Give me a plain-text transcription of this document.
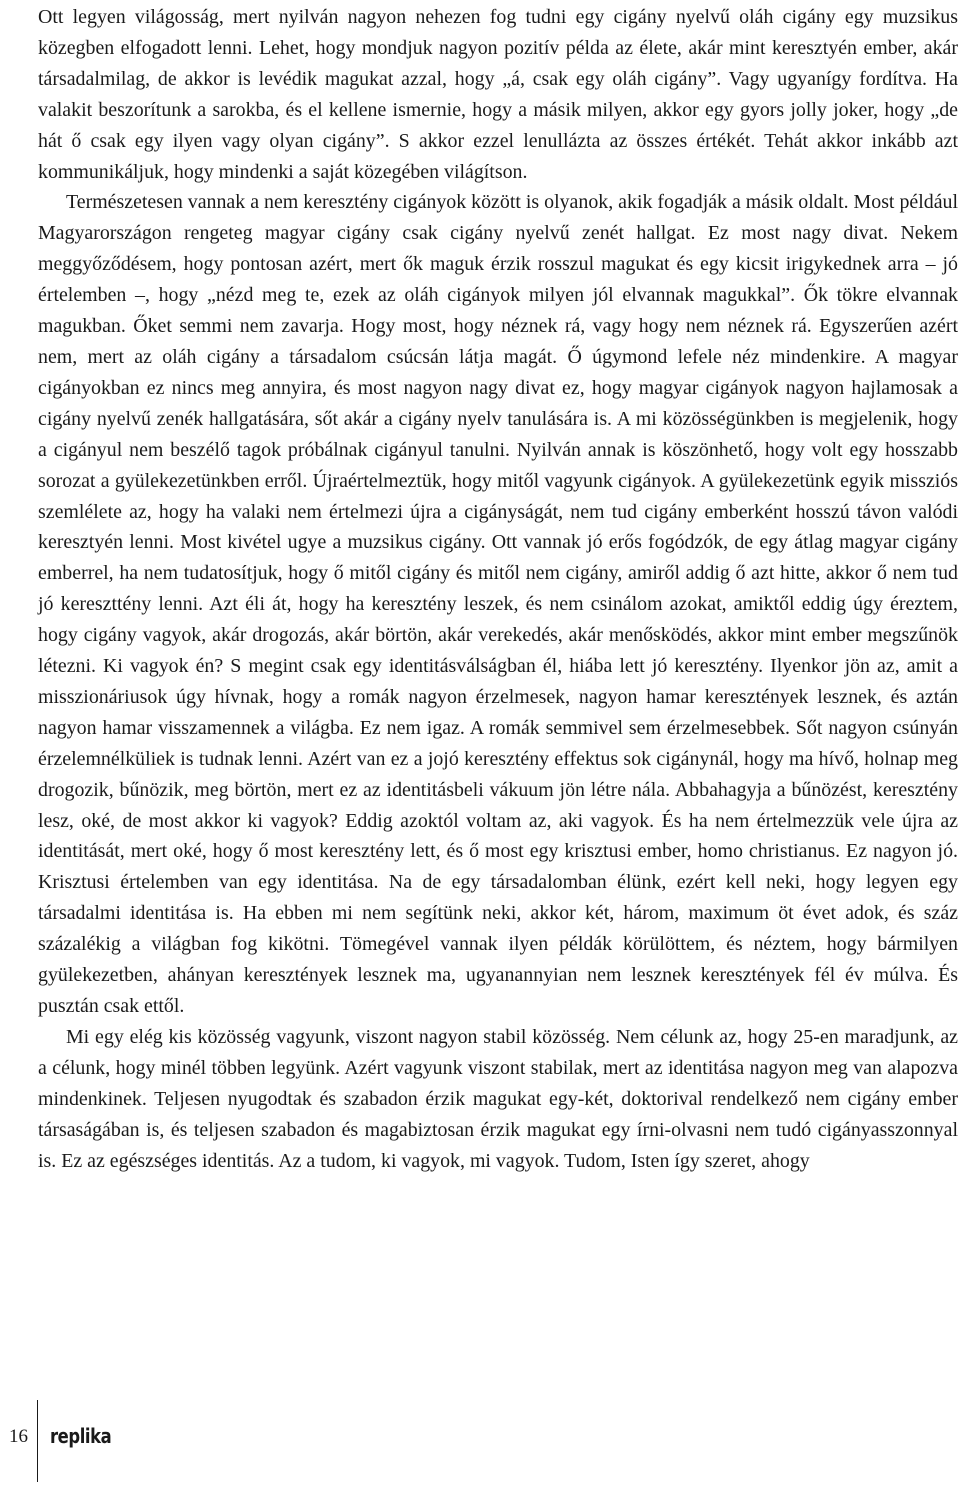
Ott legyen világosság, mert nyilván nagyon nehezen fog tudni egy cigány nyelvű oláh cigány egy muzsikus közegben elfogadott lenni. Lehet, hogy mondjuk nagyon pozitív példa az élete, akár mint keresztyén ember, akár társadalmilag, de akkor is levédik magukat azzal, hogy „á, csak egy oláh cigány”. Vagy ugyanígy fordítva. Ha valakit beszorítunk a sarokba, és el kellene ismernie, hogy a másik milyen, akkor egy gyors jolly joker, hogy „de hát ő csak egy ilyen vagy olyan cigány”. S akkor ezzel lenullázta az összes értékét. Tehát akkor inkább azt kommunikáljuk, hogy mindenki a saját közegében világítson.

Természetesen vannak a nem keresztény cigányok között is olyanok, akik fogadják a másik oldalt. Most például Magyarországon rengeteg magyar cigány csak cigány nyelvű zenét hallgat. Ez most nagy divat. Nekem meggyőződésem, hogy pontosan azért, mert ők maguk érzik rosszul magukat és egy kicsit irigykednek arra – jó értelemben –, hogy „nézd meg te, ezek az oláh cigányok milyen jól elvannak magukkal”. Ők tökre elvannak magukban. Őket semmi nem zavarja. Hogy most, hogy néznek rá, vagy hogy nem néznek rá. Egyszerűen azért nem, mert az oláh cigány a társadalom csúcsán látja magát. Ő úgymond lefele néz mindenkire. A magyar cigányokban ez nincs meg annyira, és most nagyon nagy divat ez, hogy magyar cigányok nagyon hajlamosak a cigány nyelvű zenék hallgatására, sőt akár a cigány nyelv tanulására is. A mi közösségünkben is megjelenik, hogy a cigányul nem beszélő tagok próbálnak cigányul tanulni. Nyilván annak is köszönhető, hogy volt egy hosszabb sorozat a gyülekezetünkben erről. Újraértelmeztük, hogy mitől vagyunk cigányok. A gyülekezetünk egyik missziós szemlélete az, hogy ha valaki nem értelmezi újra a cigányságát, nem tud cigány emberként hosszú távon valódi keresztyén lenni. Most kivétel ugye a muzsikus cigány. Ott vannak jó erős fogódzók, de egy átlag magyar cigány emberrel, ha nem tudatosítjuk, hogy ő mitől cigány és mitől nem cigány, amiről addig ő azt hitte, akkor ő nem tud jó kereszttény lenni. Azt éli át, hogy ha keresztény leszek, és nem csinálom azokat, amiktől eddig úgy éreztem, hogy cigány vagyok, akár drogozás, akár börtön, akár verekedés, akár menősködés, akkor mint ember megszűnök létezni. Ki vagyok én? S megint csak egy identitásválságban él, hiába lett jó keresztény. Ilyenkor jön az, amit a misszionáriusok úgy hívnak, hogy a romák nagyon érzelmesek, nagyon hamar keresztények lesznek, és aztán nagyon hamar visszamennek a világba. Ez nem igaz. A romák semmivel sem érzelmesebbek. Sőt nagyon csúnyán érzelemnélküliek is tudnak lenni. Azért van ez a jojó keresztény effektus sok cigánynál, hogy ma hívő, holnap meg drogozik, bűnözik, meg börtön, mert ez az identitásbeli vákuum jön létre nála. Abbahagyja a bűnözést, keresztény lesz, oké, de most akkor ki vagyok? Eddig azoktól voltam az, aki vagyok. És ha nem értelmezzük vele újra az identitását, mert oké, hogy ő most keresztény lett, és ő most egy krisztusi ember, homo christianus. Ez nagyon jó. Krisztusi értelemben van egy identitása. Na de egy társadalomban élünk, ezért kell neki, hogy legyen egy társadalmi identitása is. Ha ebben mi nem segítünk neki, akkor két, három, maximum öt évet adok, és száz százalékig a világban fog kikötni. Tömegével vannak ilyen példák körülöttem, és néztem, hogy bármilyen gyülekezetben, ahányan keresztények lesznek ma, ugyanannyian nem lesznek keresztények fél év múlva. És pusztán csak ettől.

Mi egy elég kis közösség vagyunk, viszont nagyon stabil közösség. Nem célunk az, hogy 25-en maradjunk, az a célunk, hogy minél többen legyünk. Azért vagyunk viszont stabilak, mert az identitása nagyon meg van alapozva mindenkinek. Teljesen nyugodtak és szabadon érzik magukat egy-két, doktorival rendelkező nem cigány ember társaságában is, és teljesen szabadon és magabiztosan érzik magukat egy írni-olvasni nem tudó cigányasszonnyal is. Ez az egészséges identitás. Az a tudom, ki vagyok, mi vagyok. Tudom, Isten így szeret, ahogy

16 replika
